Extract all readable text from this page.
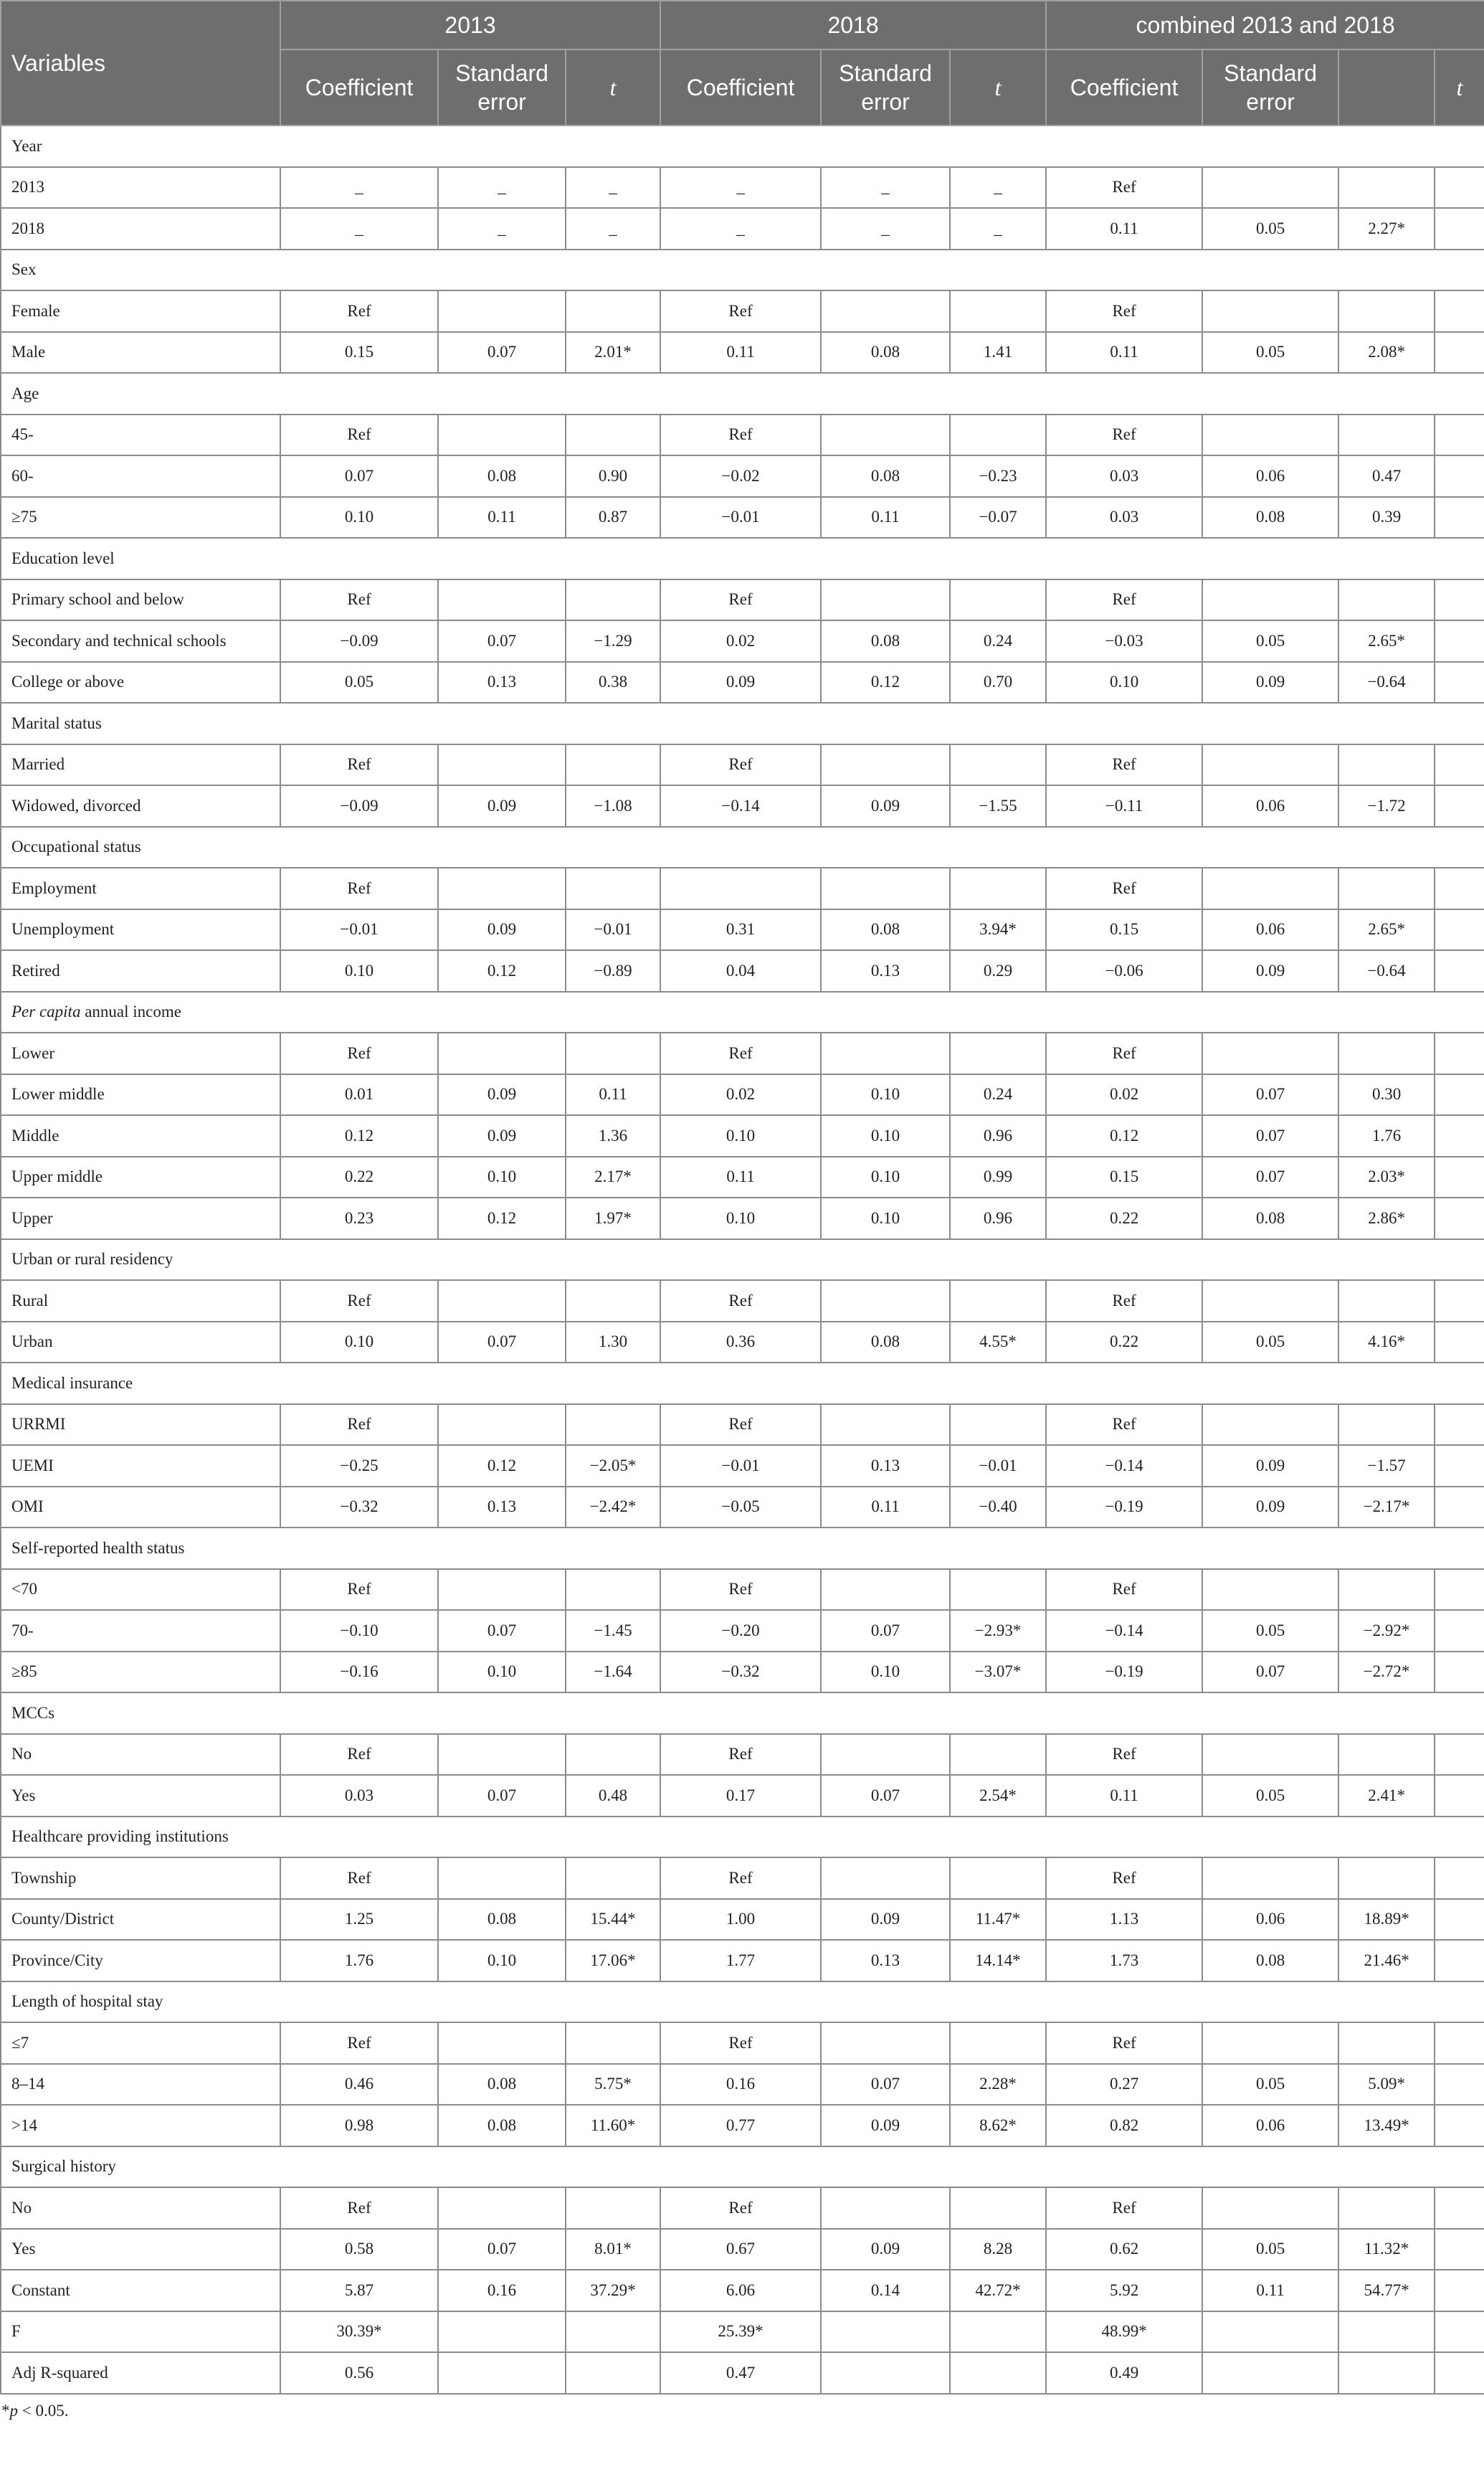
Variables	2013			2018			combined 2013 and 2018			
	Coefficient	Standard error	t	Coefficient	Standard error	t	Coefficient	Standard error		t
Year										
2013	_	_	_	_	_	_	Ref			
2018	_	_	_	_	_	_	0.11	0.05	2.27*	
Sex										
Female	Ref			Ref			Ref			
Male	0.15	0.07	2.01*	0.11	0.08	1.41	0.11	0.05	2.08*	
Age										
45-	Ref			Ref			Ref			
60-	0.07	0.08	0.90	−0.02	0.08	−0.23	0.03	0.06	0.47	
≥75	0.10	0.11	0.87	−0.01	0.11	−0.07	0.03	0.08	0.39	
Education level										
Primary school and below	Ref			Ref			Ref			
Secondary and technical schools	−0.09	0.07	−1.29	0.02	0.08	0.24	−0.03	0.05	2.65*	
College or above	0.05	0.13	0.38	0.09	0.12	0.70	0.10	0.09	−0.64	
Marital status										
Married	Ref			Ref			Ref			
Widowed, divorced	−0.09	0.09	−1.08	−0.14	0.09	−1.55	−0.11	0.06	−1.72	
Occupational status										
Employment	Ref						Ref			
Unemployment	−0.01	0.09	−0.01	0.31	0.08	3.94*	0.15	0.06	2.65*	
Retired	0.10	0.12	−0.89	0.04	0.13	0.29	−0.06	0.09	−0.64	
Per capita annual income										
Lower	Ref			Ref			Ref			
Lower middle	0.01	0.09	0.11	0.02	0.10	0.24	0.02	0.07	0.30	
Middle	0.12	0.09	1.36	0.10	0.10	0.96	0.12	0.07	1.76	
Upper middle	0.22	0.10	2.17*	0.11	0.10	0.99	0.15	0.07	2.03*	
Upper	0.23	0.12	1.97*	0.10	0.10	0.96	0.22	0.08	2.86*	
Urban or rural residency										
Rural	Ref			Ref			Ref			
Urban	0.10	0.07	1.30	0.36	0.08	4.55*	0.22	0.05	4.16*	
Medical insurance										
URRMI	Ref			Ref			Ref			
UEMI	−0.25	0.12	−2.05*	−0.01	0.13	−0.01	−0.14	0.09	−1.57	
OMI	−0.32	0.13	−2.42*	−0.05	0.11	−0.40	−0.19	0.09	−2.17*	
Self-reported health status										
<70	Ref			Ref			Ref			
70-	−0.10	0.07	−1.45	−0.20	0.07	−2.93*	−0.14	0.05	−2.92*	
≥85	−0.16	0.10	−1.64	−0.32	0.10	−3.07*	−0.19	0.07	−2.72*	
MCCs										
No	Ref			Ref			Ref			
Yes	0.03	0.07	0.48	0.17	0.07	2.54*	0.11	0.05	2.41*	
Healthcare providing institutions										
Township	Ref			Ref			Ref			
County/District	1.25	0.08	15.44*	1.00	0.09	11.47*	1.13	0.06	18.89*	
Province/City	1.76	0.10	17.06*	1.77	0.13	14.14*	1.73	0.08	21.46*	
Length of hospital stay										
≤7	Ref			Ref			Ref			
8–14	0.46	0.08	5.75*	0.16	0.07	2.28*	0.27	0.05	5.09*	
>14	0.98	0.08	11.60*	0.77	0.09	8.62*	0.82	0.06	13.49*	
Surgical history										
No	Ref			Ref			Ref			
Yes	0.58	0.07	8.01*	0.67	0.09	8.28	0.62	0.05	11.32*	
Constant	5.87	0.16	37.29*	6.06	0.14	42.72*	5.92	0.11	54.77*	
F	30.39*			25.39*			48.99*			
Adj R-squared	0.56			0.47			0.49			
*p < 0.05.
